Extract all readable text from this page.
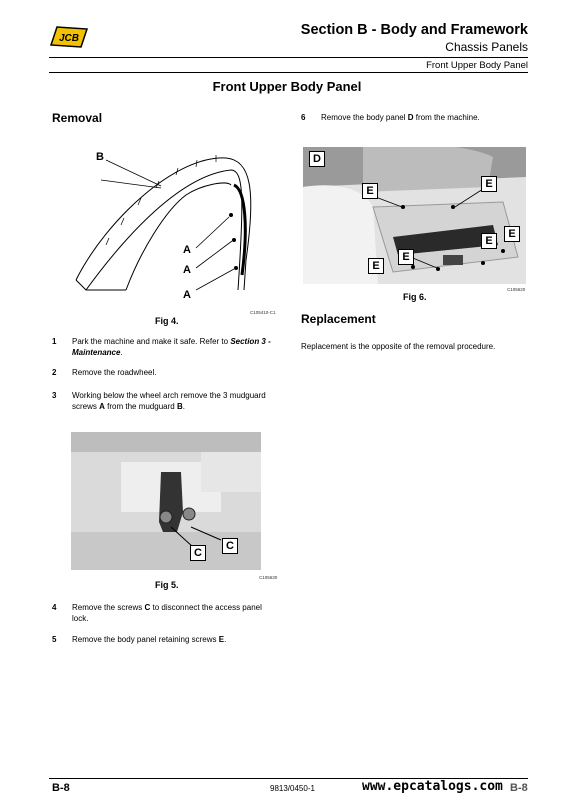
JCB
Section B - Body and Framework
Chassis Panels
Front Upper Body Panel
Front Upper Body Panel
Removal
B
A
A
A
C105410-C1
Fig 4.
1 Park the machine and make it safe. Refer to Section 3 - Maintenance.
2 Remove the roadwheel.
3 Working below the wheel arch remove the 3 mudguard screws A from the mudguard B.
C
C
C105630
Fig 5.
4 Remove the screws C to disconnect the access panel lock.
5 Remove the body panel retaining screws E.
6 Remove the body panel D from the machine.
D
E
E
E
E
E
E
C105620
Fig 6.
Replacement
Replacement is the opposite of the removal procedure.
B-8	9813/0450-1	B-8
www.epcatalogs.com
